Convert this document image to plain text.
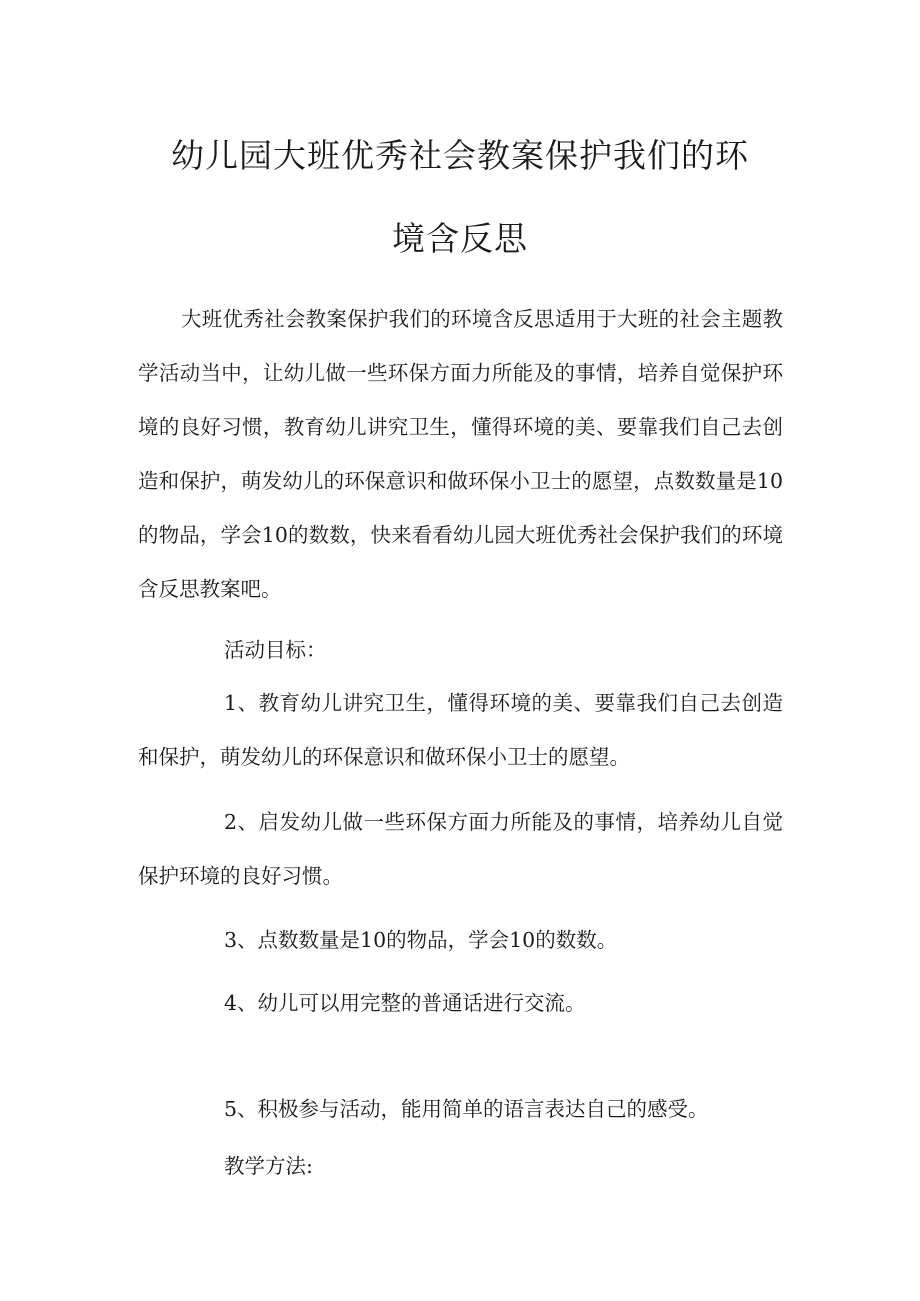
幼儿园大班优秀社会教案保护我们的环
境含反思

大班优秀社会教案保护我们的环境含反思适用于大班的社会主题教学活动当中，让幼儿做一些环保方面力所能及的事情，培养自觉保护环境的良好习惯，教育幼儿讲究卫生，懂得环境的美、要靠我们自己去创造和保护，萌发幼儿的环保意识和做环保小卫士的愿望，点数数量是10的物品，学会10的数数，快来看看幼儿园大班优秀社会保护我们的环境含反思教案吧。

活动目标：

1、教育幼儿讲究卫生，懂得环境的美、要靠我们自己去创造和保护，萌发幼儿的环保意识和做环保小卫士的愿望。

2、启发幼儿做一些环保方面力所能及的事情，培养幼儿自觉保护环境的良好习惯。

3、点数数量是10的物品，学会10的数数。

4、幼儿可以用完整的普通话进行交流。

5、积极参与活动，能用简单的语言表达自己的感受。

教学方法:
